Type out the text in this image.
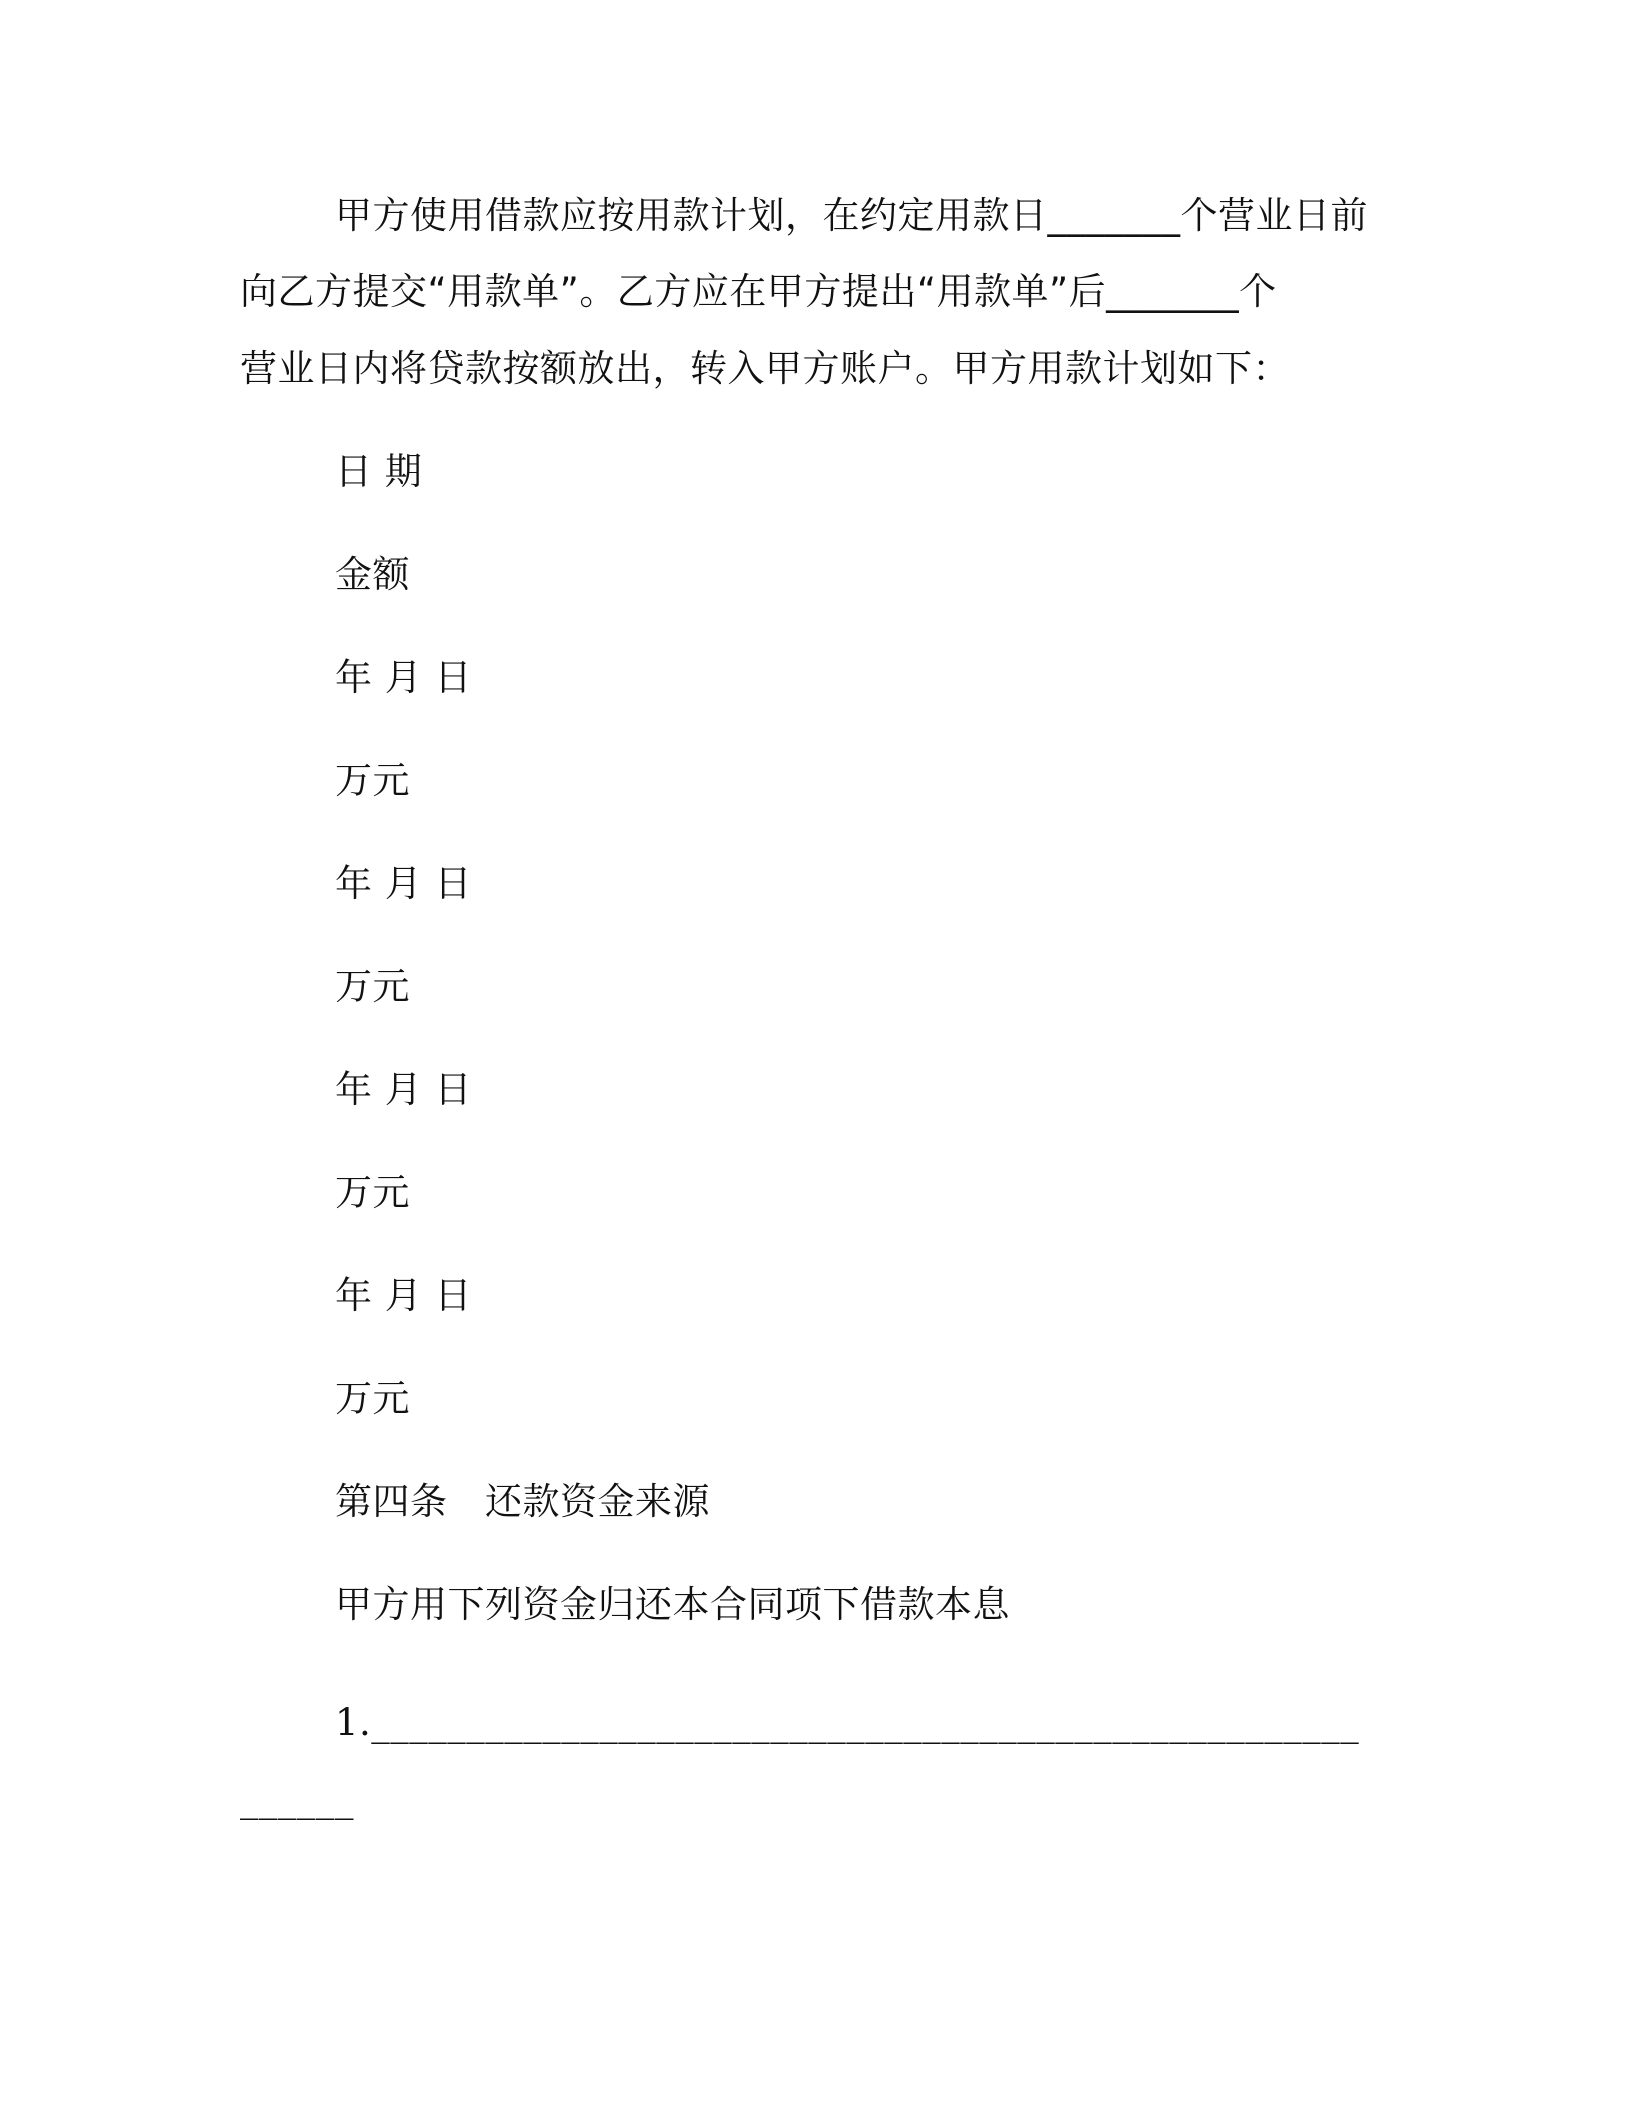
甲方使用借款应按用款计划，在约定用款日_______个营业日前

向乙方提交“用款单”。乙方应在甲方提出“用款单”后_______个

营业日内将贷款按额放出，转入甲方账户。甲方用款计划如下：

日 期

金额

年 月 日

万元

年 月 日

万元

年 月 日

万元

年 月 日

万元

第四条　还款资金来源

甲方用下列资金归还本合同项下借款本息

1.____________________________________________________

______
